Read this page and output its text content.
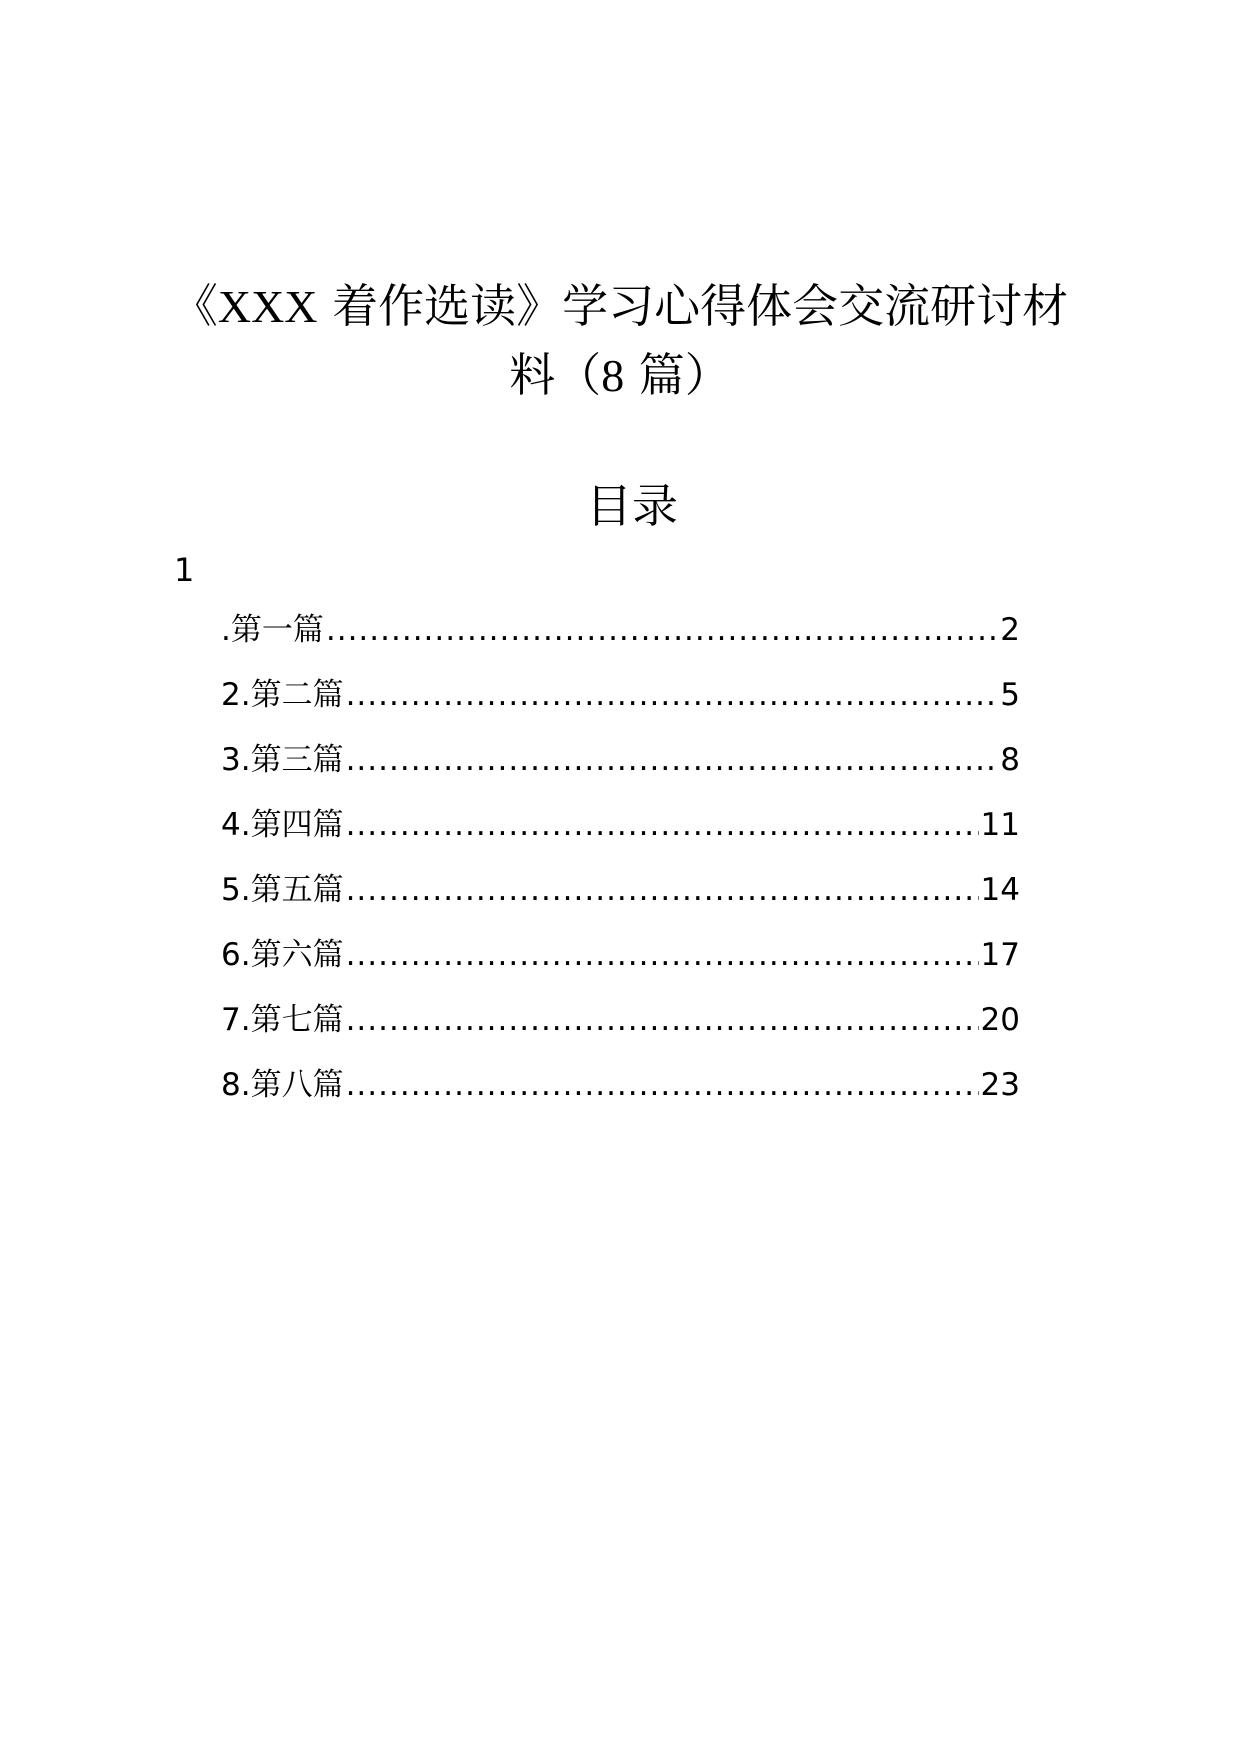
《XXX 着作选读》学习心得体会交流研讨材
料（8 篇）
目录
1
.第一篇 .....	2
2.第二篇 .....	5
3.第三篇 .....	8
4.第四篇 .....	11
5.第五篇 .....	14
6.第六篇 .....	17
7.第七篇 .....	20
8.第八篇 .....	23
